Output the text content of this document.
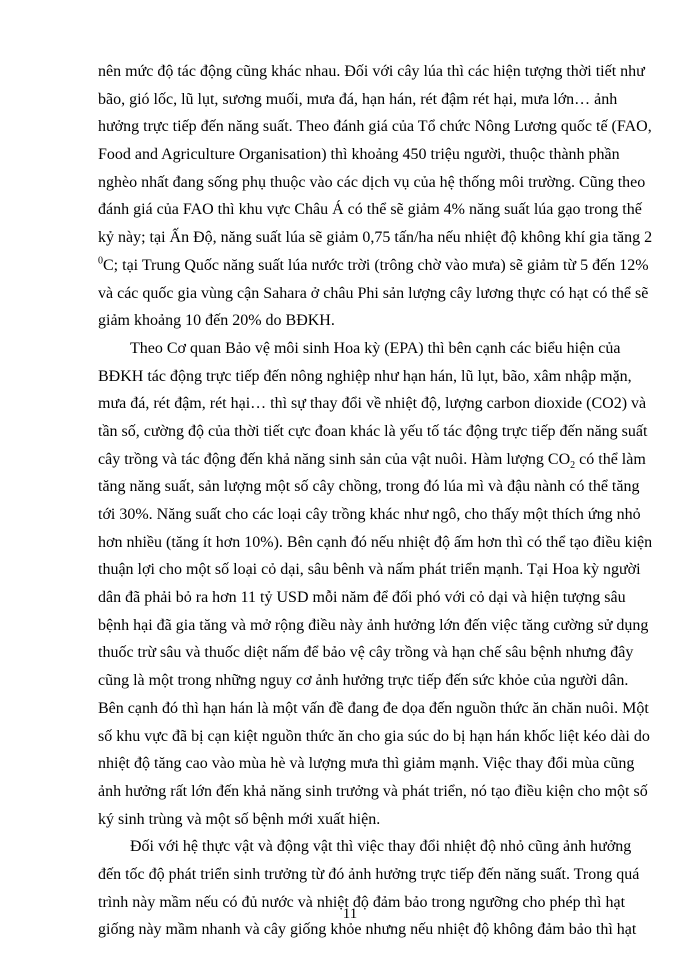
nên mức độ tác động cũng khác nhau. Đối với cây lúa thì các hiện tượng thời tiết như
bão, gió lốc, lũ lụt, sương muối, mưa đá, hạn hán, rét đậm rét hại, mưa lớn… ảnh
hưởng trực tiếp đến năng suất. Theo đánh giá của Tổ chức Nông Lương quốc tế (FAO,
Food and Agriculture Organisation) thì khoảng 450 triệu người, thuộc thành phần
nghèo nhất đang sống phụ thuộc vào các dịch vụ của hệ thống môi trường. Cũng theo
đánh giá của FAO thì khu vực Châu Á có thể sẽ giảm 4% năng suất lúa gạo trong thế
kỷ này; tại Ấn Độ, năng suất lúa sẽ giảm 0,75 tấn/ha nếu nhiệt độ không khí gia tăng 2
$^0$C; tại Trung Quốc năng suất lúa nước trời (trông chờ vào mưa) sẽ giảm từ 5 đến 12%
và các quốc gia vùng cận Sahara ở châu Phi sản lượng cây lương thực có hạt có thể sẽ
giảm khoảng 10 đến 20% do BĐKH.
Theo Cơ quan Bảo vệ môi sinh Hoa kỳ (EPA) thì bên cạnh các biểu hiện của
BĐKH tác động trực tiếp đến nông nghiệp như hạn hán, lũ lụt, bão, xâm nhập mặn,
mưa đá, rét đậm, rét hại… thì sự thay đổi về nhiệt độ, lượng carbon dioxide (CO2) và
tần số, cường độ của thời tiết cực đoan khác là yếu tố tác động trực tiếp đến năng suất
cây trồng và tác động đến khả năng sinh sản của vật nuôi. Hàm lượng $CO_2$ có thể làm
tăng năng suất, sản lượng một số cây chồng, trong đó lúa mì và đậu nành có thể tăng
tới 30%. Năng suất cho các loại cây trồng khác như ngô, cho thấy một thích ứng nhỏ
hơn nhiều (tăng ít hơn 10%). Bên cạnh đó nếu nhiệt độ ấm hơn thì có thể tạo điều kiện
thuận lợi cho một số loại cỏ dại, sâu bênh và nấm phát triển mạnh. Tại Hoa kỳ người
dân đã phải bỏ ra hơn 11 tỷ USD mỗi năm để đối phó với cỏ dại và hiện tượng sâu
bệnh hại đã gia tăng và mở rộng điều này ảnh hưởng lớn đến việc tăng cường sử dụng
thuốc trừ sâu và thuốc diệt nấm để bảo vệ cây trồng và hạn chế sâu bệnh nhưng đây
cũng là một trong những nguy cơ ảnh hưởng trực tiếp đến sức khỏe của người dân.
Bên cạnh đó thì hạn hán là một vấn đề đang đe dọa đến nguồn thức ăn chăn nuôi. Một
số khu vực đã bị cạn kiệt nguồn thức ăn cho gia súc do bị hạn hán khốc liệt kéo dài do
nhiệt độ tăng cao vào mùa hè và lượng mưa thì giảm mạnh. Việc thay đổi mùa cũng
ảnh hưởng rất lớn đến khả năng sinh trưởng và phát triển, nó tạo điều kiện cho một số
ký sinh trùng và một số bệnh mới xuất hiện.
Đối với hệ thực vật và động vật thì việc thay đổi nhiệt độ nhỏ cũng ảnh hưởng
đến tốc độ phát triển sinh trưởng từ đó ảnh hưởng trực tiếp đến năng suất. Trong quá
trình này mầm nếu có đủ nước và nhiệt độ đảm bảo trong ngưỡng cho phép thì hạt
giống này mầm nhanh và cây giống khỏe nhưng nếu nhiệt độ không đảm bảo thì hạt
11
